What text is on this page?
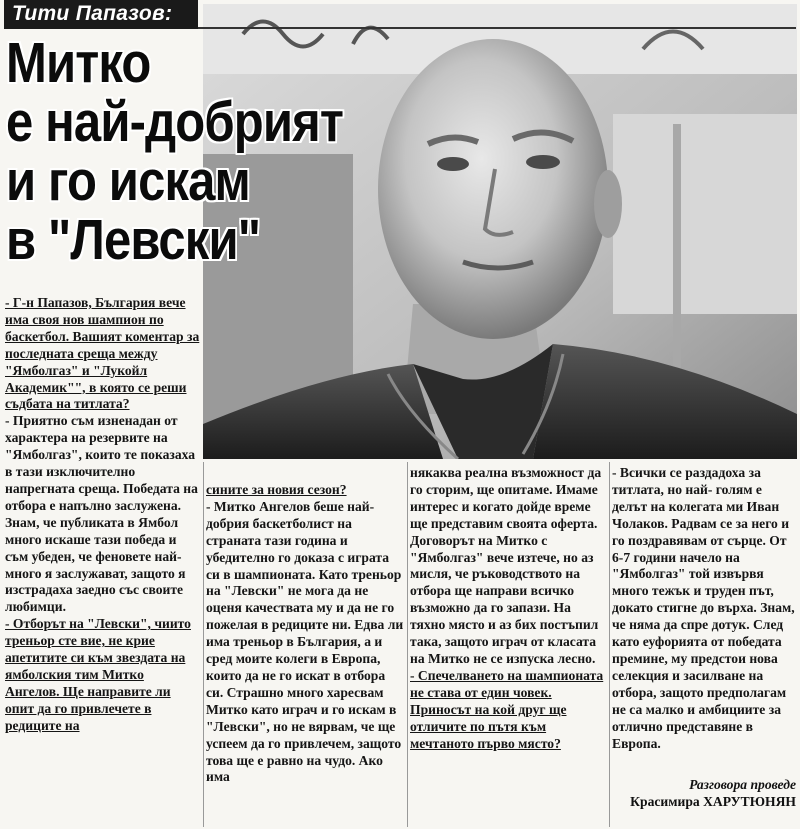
Тити Папазов:
Митко
е най-добрият
и го искам
в "Левски"

- Г-н Папазов, България вече има своя нов шампион по баскетбол. Вашият коментар за последната среща между "Ямболгаз" и "Лукойл Академик"", в която се реши съдбата на титлата?

- Приятно съм изненадан от характера на резервите на "Ямболгаз", които те показаха в тази изключително напрегната среща. Победата на отбора е напълно заслужена. Знам, че публиката в Ямбол много искаше тази победа и съм убеден, че феновете най-много я заслужават, защото я изстрадаха заедно със своите любимци.

- Отборът на "Левски", чиито треньор сте вие, не крие апетитите си към звездата на ямболския тим Митко Ангелов. Ще направите ли опит да го привлечете в редиците на

сините за новия сезон?

- Митко Ангелов беше най-добрия баскетболист на страната тази година и убедително го доказа с играта си в шампионата. Като треньор на "Левски" не мога да не оценя качествата му и да не го пожелая в редиците ни. Едва ли има треньор в България, а и сред моите колеги в Европа, които да не го искат в отбора си. Страшно много харесвам Митко като играч и го искам в "Левски", но не вярвам, че ще успеем да го привлечем, защото това ще е равно на чудо. Ако има

някаква реална възможност да го сторим, ще опитаме. Имаме интерес и когато дойде време ще представим своята оферта. Договорът на Митко с "Ямболгаз" вече изтече, но аз мисля, че ръководството на отбора ще направи всичко възможно да го запази. На тяхно място и аз бих постъпил така, защото играч от класата на Митко не се изпуска лесно.

- Спечелването на шампионата не става от един човек. Приносът на кой друг ще отличите по пътя към мечтаното първо място?

- Всички се раздадоха за титлата, но най- голям е делът на колегата ми Иван Чолаков. Радвам се за него и го поздравявам от сърце. От 6-7 години начело на "Ямболгаз" той извървя много тежък и труден път, докато стигне до върха. Знам, че няма да спре дотук. След като еуфорията от победата премине, му предстои нова селекция и засилване на отбора, защото предполагам не са малко и амбициите за отлично представяне в Европа.

Разговора проведе
Красимира ХАРУТЮНЯН
